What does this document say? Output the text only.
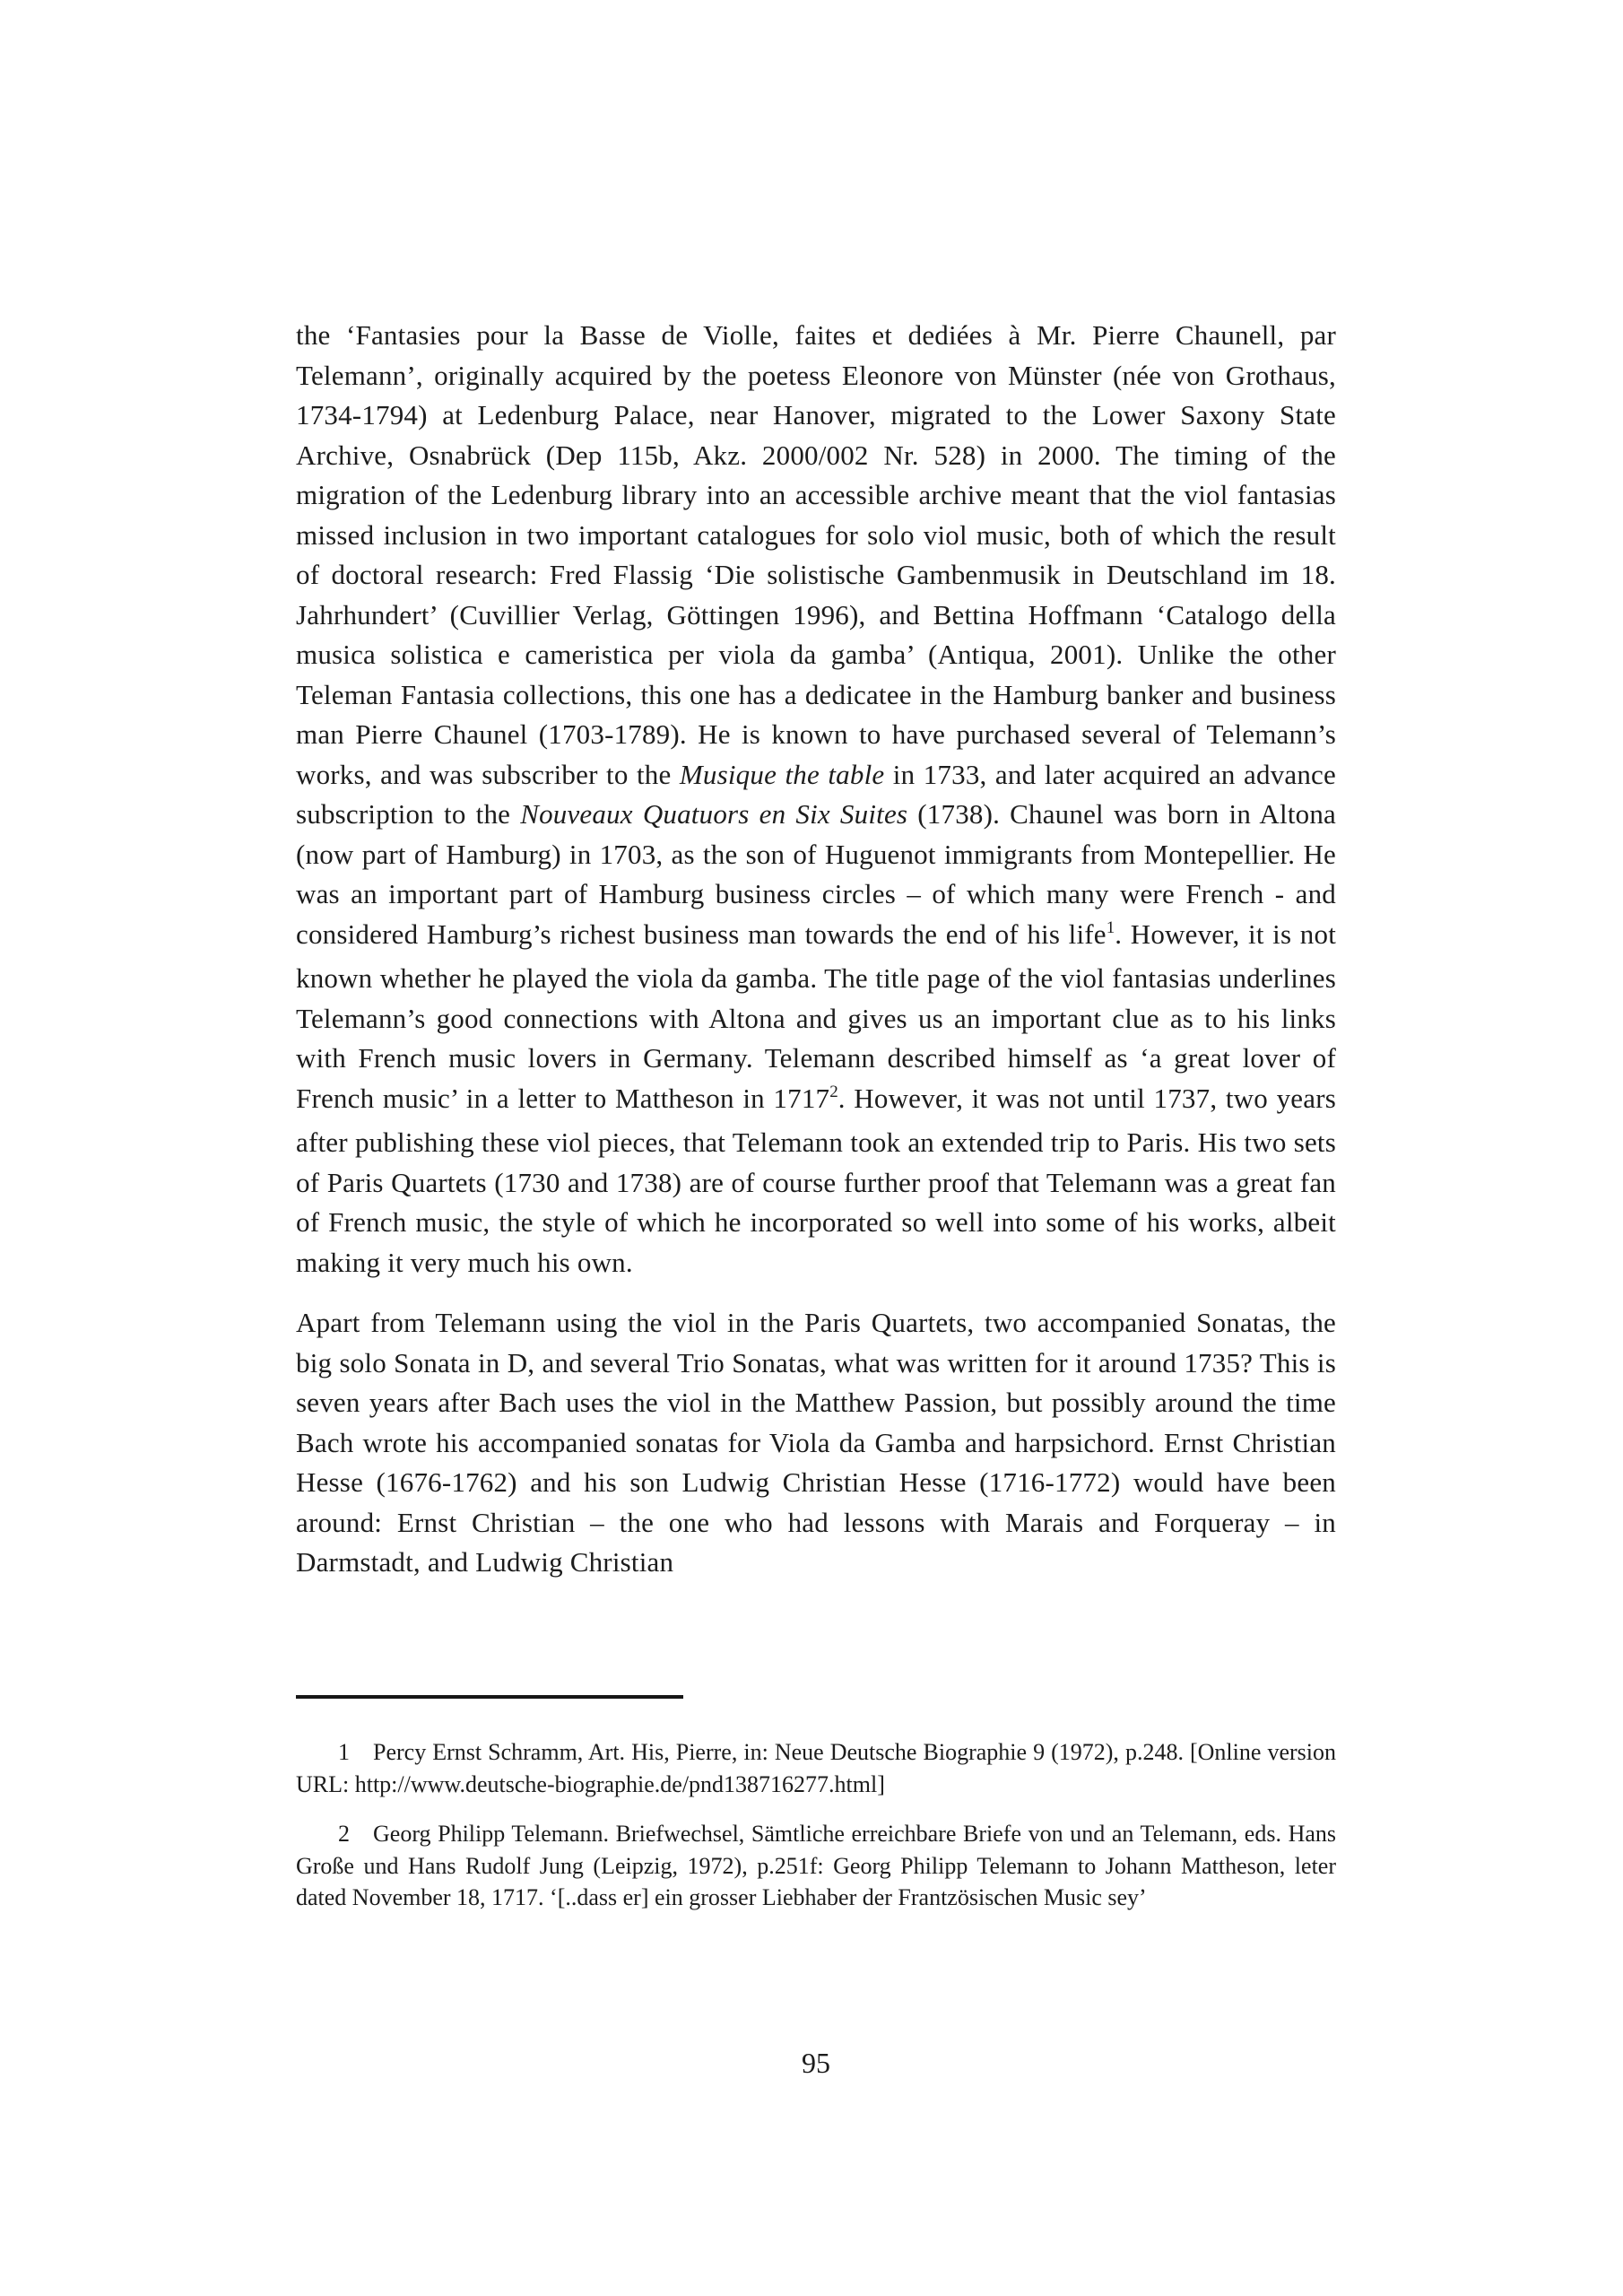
the ‘Fantasies pour la Basse de Violle, faites et dediées à Mr. Pierre Chaunell, par Telemann’, originally acquired by the poetess Eleonore von Münster (née von Grothaus, 1734-1794) at Ledenburg Palace, near Hanover, migrated to the Lower Saxony State Archive, Osnabrück (Dep 115b, Akz. 2000/002 Nr. 528) in 2000. The timing of the migration of the Ledenburg library into an accessible archive meant that the viol fantasias missed inclusion in two important catalogues for solo viol music, both of which the result of doctoral research: Fred Flassig ‘Die solistische Gambenmusik in Deutschland im 18. Jahrhundert’ (Cuvillier Verlag, Göttingen 1996), and Bettina Hoffmann ‘Catalogo della musica solistica e cameristica per viola da gamba’ (Antiqua, 2001). Unlike the other Teleman Fantasia collections, this one has a dedicatee in the Hamburg banker and business man Pierre Chaunel (1703-1789). He is known to have purchased several of Telemann’s works, and was subscriber to the Musique the table in 1733, and later acquired an advance subscription to the Nouveaux Quatuors en Six Suites (1738). Chaunel was born in Altona (now part of Hamburg) in 1703, as the son of Huguenot immigrants from Montepellier. He was an important part of Hamburg business circles – of which many were French - and considered Hamburg’s richest business man towards the end of his life$^1$. However, it is not known whether he played the viola da gamba. The title page of the viol fantasias underlines Telemann’s good connections with Altona and gives us an important clue as to his links with French music lovers in Germany. Telemann described himself as ‘a great lover of French music’ in a letter to Mattheson in 1717$^2$. However, it was not until 1737, two years after publishing these viol pieces, that Telemann took an extended trip to Paris. His two sets of Paris Quartets (1730 and 1738) are of course further proof that Telemann was a great fan of French music, the style of which he incorporated so well into some of his works, albeit making it very much his own.

Apart from Telemann using the viol in the Paris Quartets, two accompanied Sonatas, the big solo Sonata in D, and several Trio Sonatas, what was written for it around 1735? This is seven years after Bach uses the viol in the Matthew Passion, but possibly around the time Bach wrote his accompanied sonatas for Viola da Gamba and harpsichord. Ernst Christian Hesse (1676-1762) and his son Ludwig Christian Hesse (1716-1772) would have been around: Ernst Christian – the one who had lessons with Marais and Forqueray – in Darmstadt, and Ludwig Christian

1 Percy Ernst Schramm, Art. His, Pierre, in: Neue Deutsche Biographie 9 (1972), p.248. [Online version URL: http://www.deutsche-biographie.de/pnd138716277.html]

2 Georg Philipp Telemann. Briefwechsel, Sämtliche erreichbare Briefe von und an Telemann, eds. Hans Große und Hans Rudolf Jung (Leipzig, 1972), p.251f: Georg Philipp Telemann to Johann Mattheson, leter dated November 18, 1717. ‘[..dass er] ein grosser Liebhaber der Frantzösischen Music sey’

95
